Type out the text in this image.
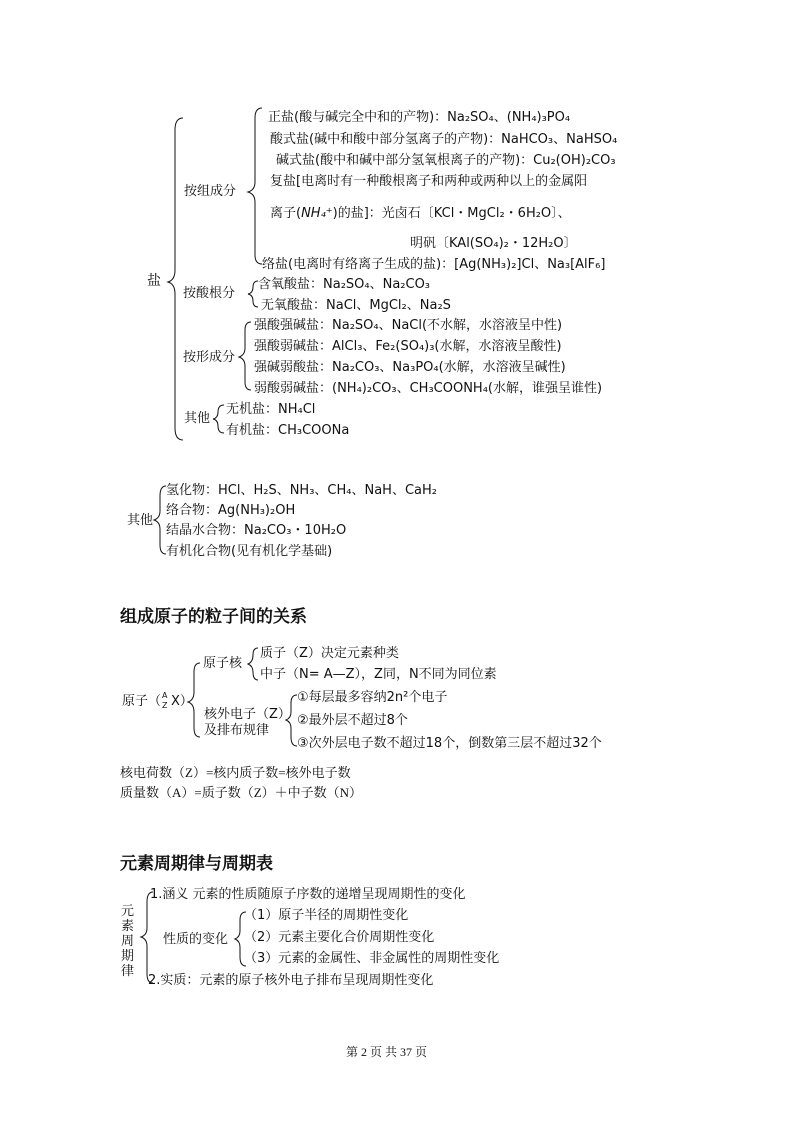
盐
按组成分
正盐(酸与碱完全中和的产物)：Na₂SO₄、(NH₄)₃PO₄
酸式盐(碱中和酸中部分氢离子的产物)：NaHCO₃、NaHSO₄
碱式盐(酸中和碱中部分氢氧根离子的产物)：Cu₂(OH)₂CO₃
复盐[电离时有一种酸根离子和两种或两种以上的金属阳
离子(NH₄⁺)的盐]：光卤石〔KCl・MgCl₂・6H₂O〕、
明矾〔KAl(SO₄)₂・12H₂O〕
络盐(电离时有络离子生成的盐)：[Ag(NH₃)₂]Cl、Na₃[AlF₆]
按酸根分
含氧酸盐：Na₂SO₄、Na₂CO₃
无氧酸盐：NaCl、MgCl₂、Na₂S
按形成分
强酸强碱盐：Na₂SO₄、NaCl(不水解，水溶液呈中性)
强酸弱碱盐：AlCl₃、Fe₂(SO₄)₃(水解，水溶液呈酸性)
强碱弱酸盐：Na₂CO₃、Na₃PO₄(水解，水溶液呈碱性)
弱酸弱碱盐：(NH₄)₂CO₃、CH₃COONH₄(水解，谁强呈谁性)
其他
无机盐：NH₄Cl
有机盐：CH₃COONa
其他
氢化物：HCl、H₂S、NH₃、CH₄、NaH、CaH₂
络合物：Ag(NH₃)₂OH
结晶水合物：Na₂CO₃・10H₂O
有机化合物(见有机化学基础)
组成原子的粒子间的关系
原子（ A
Z X）
原子核
质子（Z）决定元素种类
中子（N= A—Z），Z同，N不同为同位素
核外电子（Z）
及排布规律
①每层最多容纳2n²个电子
②最外层不超过8个
③次外层电子数不超过18个，倒数第三层不超过32个
核电荷数（Z）=核内质子数=核外电子数
质量数（A）=质子数（Z）＋中子数（N）
元素周期律与周期表
元
素
周
期
律
1.涵义 元素的性质随原子序数的递增呈现周期性的变化
性质的变化
（1）原子半径的周期性变化
（2）元素主要化合价周期性变化
（3）元素的金属性、非金属性的周期性变化
2.实质：元素的原子核外电子排布呈现周期性变化
第 2 页 共 37 页
